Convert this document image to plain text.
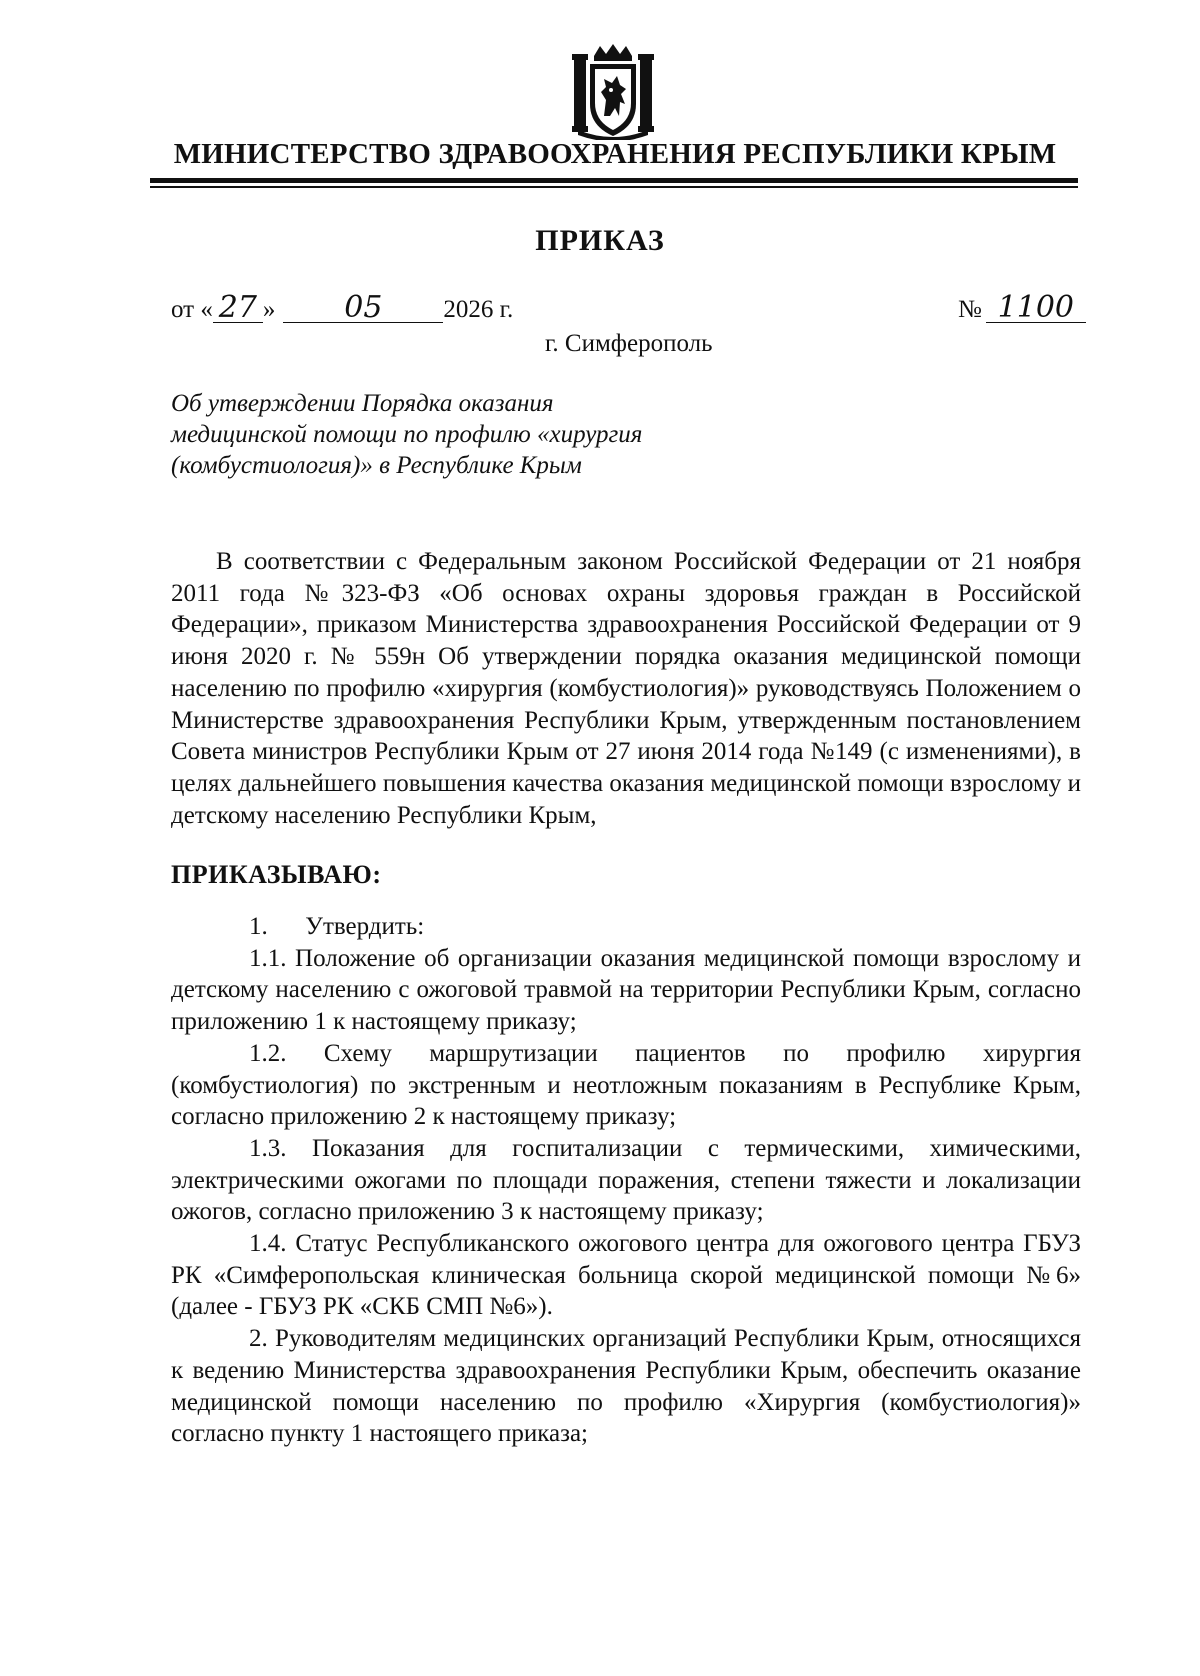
МИНИСТЕРСТВО ЗДРАВООХРАНЕНИЯ РЕСПУБЛИКИ КРЫМ
ПРИКАЗ
от « 27 » 05 2026 г.	№ 1100
г. Симферополь
Об утверждении Порядка оказания
медицинской помощи по профилю «хирургия
(комбустиология)» в Республике Крым

В соответствии с Федеральным законом Российской Федерации от 21 ноября 2011 года №323-ФЗ «Об основах охраны здоровья граждан в Российской Федерации», приказом Министерства здравоохранения Российской Федерации от 9 июня 2020 г. № 559н Об утверждении порядка оказания медицинской помощи населению по профилю «хирургия (комбустиология)» руководствуясь Положением о Министерстве здравоохранения Республики Крым, утвержденным постановлением Совета министров Республики Крым от 27 июня 2014 года №149 (с изменениями), в целях дальнейшего повышения качества оказания медицинской помощи взрослому и детскому населению Республики Крым,

ПРИКАЗЫВАЮ:

1.      Утвердить:

1.1. Положение об организации оказания медицинской помощи взрослому и детскому населению с ожоговой травмой на территории Республики Крым, согласно приложению 1 к настоящему приказу;

1.2. Схему маршрутизации пациентов по профилю хирургия (комбустиология) по экстренным и неотложным показаниям в Республике Крым, согласно приложению 2 к настоящему приказу;

1.3. Показания для госпитализации с термическими, химическими, электрическими ожогами по площади поражения, степени тяжести и локализации ожогов, согласно приложению 3 к настоящему приказу;

1.4. Статус Республиканского ожогового центра для ожогового центра ГБУЗ РК «Симферопольская клиническая больница скорой медицинской помощи №6» (далее - ГБУЗ РК «СКБ СМП №6»).

2. Руководителям медицинских организаций Республики Крым, относящихся к ведению Министерства здравоохранения Республики Крым, обеспечить оказание медицинской помощи населению по профилю «Хирургия (комбустиология)» согласно пункту 1 настоящего приказа;
